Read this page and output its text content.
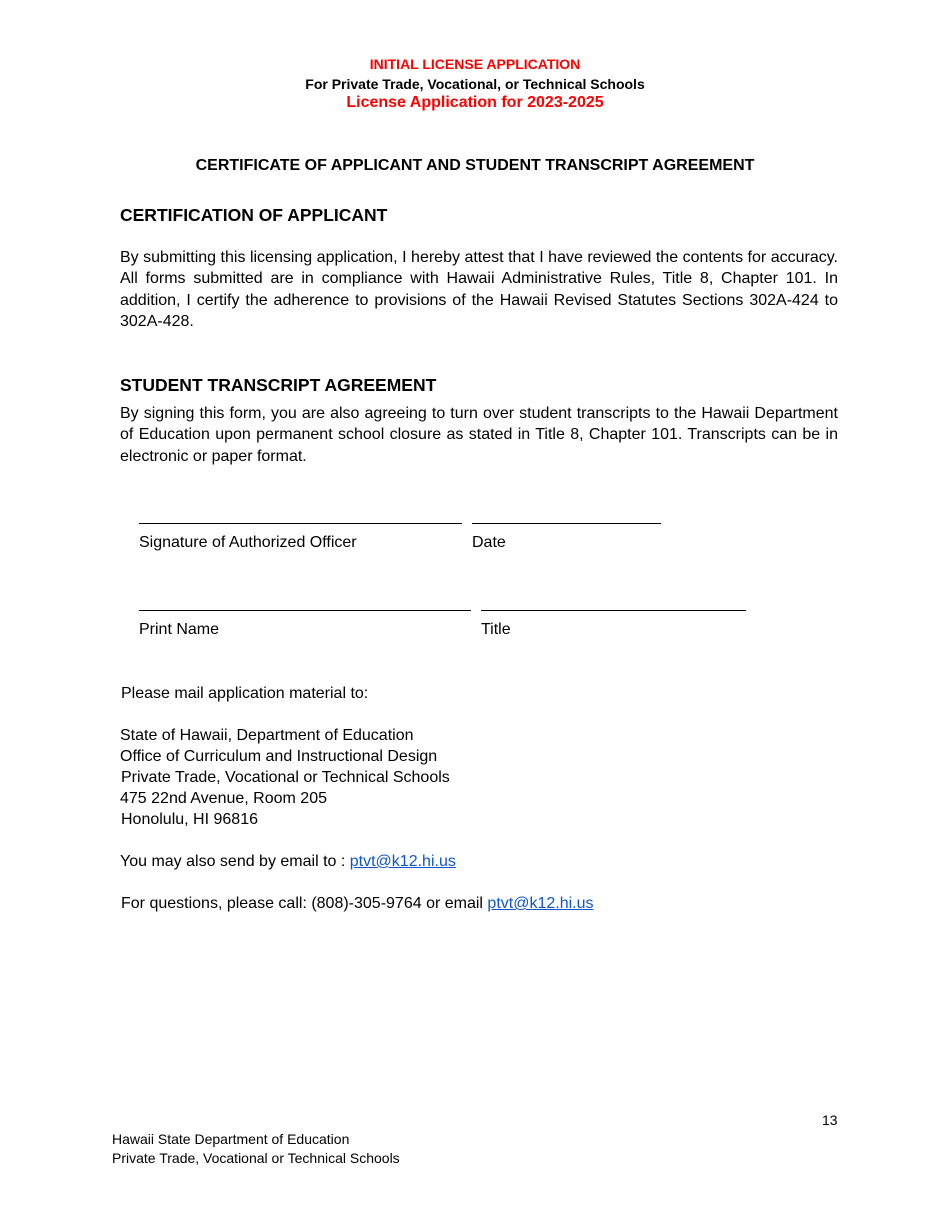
INITIAL LICENSE APPLICATION
For Private Trade, Vocational, or Technical Schools
License Application for 2023-2025
CERTIFICATE OF APPLICANT AND STUDENT TRANSCRIPT AGREEMENT
CERTIFICATION OF APPLICANT
By submitting this licensing application, I hereby attest that I have reviewed the contents for accuracy. All forms submitted are in compliance with Hawaii Administrative Rules, Title 8, Chapter 101. In addition, I certify the adherence to provisions of the Hawaii Revised Statutes Sections 302A-424 to 302A-428.
STUDENT TRANSCRIPT AGREEMENT
By signing this form, you are also agreeing to turn over student transcripts to the Hawaii Department of Education upon permanent school closure as stated in Title 8, Chapter 101. Transcripts can be in electronic or paper format.
Signature of Authorized Officer	Date
Print Name	Title
Please mail application material to:
State of Hawaii, Department of Education
Office of Curriculum and Instructional Design
Private Trade, Vocational or Technical Schools
475 22nd Avenue, Room 205
Honolulu, HI 96816
You may also send by email to : ptvt@k12.hi.us
For questions, please call: (808)-305-9764 or email ptvt@k12.hi.us
13
Hawaii State Department of Education
Private Trade, Vocational or Technical Schools
